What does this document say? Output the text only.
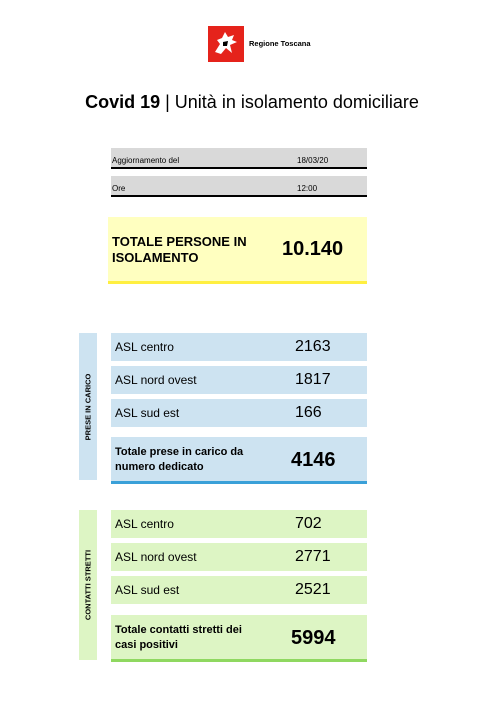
Regione Toscana
Covid 19 | Unità in isolamento domiciliare
Aggiornamento del	18/03/20
Ore	12:00
TOTALE PERSONE IN ISOLAMENTO	10.140
PRESE IN CARICO
ASL centro	2163
ASL nord ovest	1817
ASL sud est	166
Totale prese in carico da numero dedicato	4146
CONTATTI STRETTI
ASL centro	702
ASL nord ovest	2771
ASL sud est	2521
Totale contatti stretti dei casi positivi	5994
